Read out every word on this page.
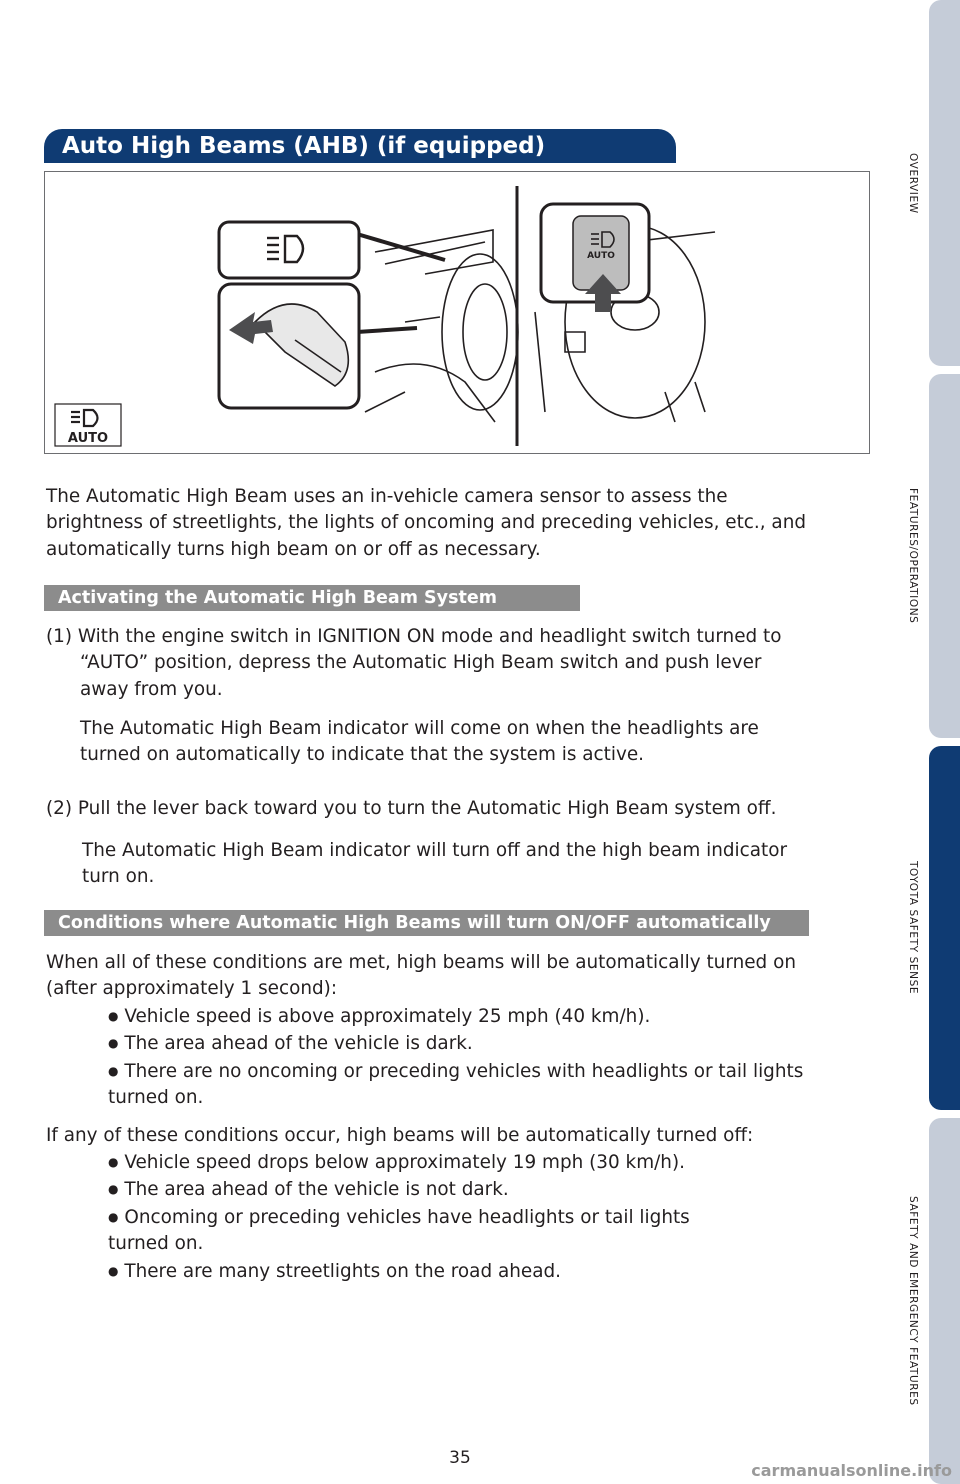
OVERVIEW
FEATURES/OPERATIONS
TOYOTA SAFETY SENSE
SAFETY AND EMERGENCY FEATURES
Auto High Beams (AHB) (if equipped)
AUTO
AUTO
The Automatic High Beam uses an in-vehicle camera sensor to assess the
brightness of streetlights, the lights of oncoming and preceding vehicles, etc., and
automatically turns high beam on or off as necessary.
Activating the Automatic High Beam System
(1) With the engine switch in IGNITION ON mode and headlight switch turned to
“AUTO” position, depress the Automatic High Beam switch and push lever
away from you.
The Automatic High Beam indicator will come on when the headlights are
turned on automatically to indicate that the system is active.
(2) Pull the lever back toward you to turn the Automatic High Beam system off.
The Automatic High Beam indicator will turn off and the high beam indicator
turn on.
Conditions where Automatic High Beams will turn ON/OFF automatically
When all of these conditions are met, high beams will be automatically turned on
(after approximately 1 second):
● Vehicle speed is above approximately 25 mph (40 km/h).
● The area ahead of the vehicle is dark.
● There are no oncoming or preceding vehicles with headlights or tail lights
turned on.
If any of these conditions occur, high beams will be automatically turned off:
● Vehicle speed drops below approximately 19 mph (30 km/h).
● The area ahead of the vehicle is not dark.
● Oncoming or preceding vehicles have headlights or tail lights
turned on.
● There are many streetlights on the road ahead.
35
carmanualsonline.info
